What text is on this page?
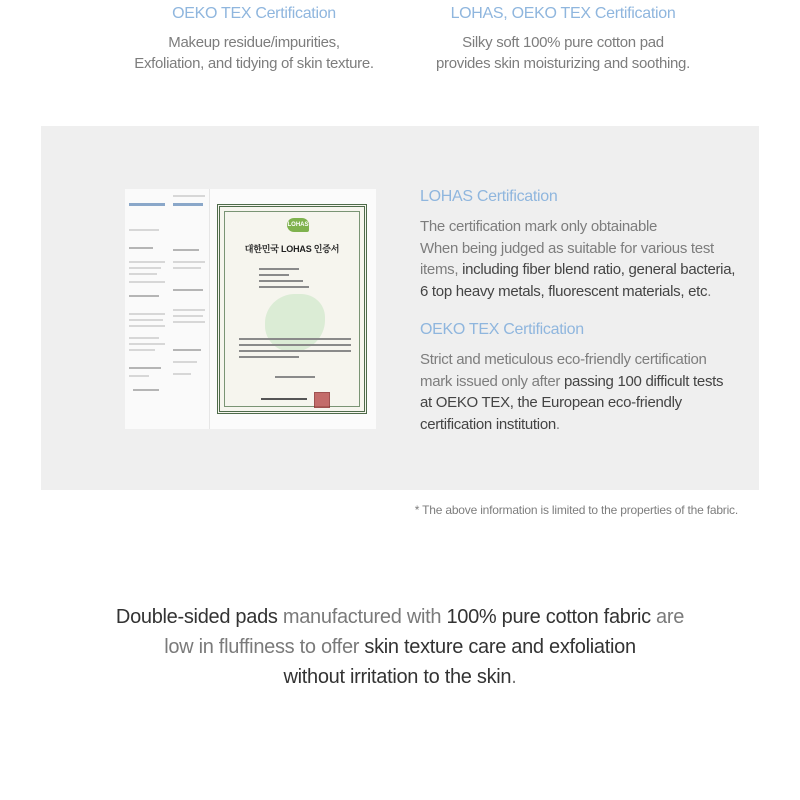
OEKO TEX Certification
Makeup residue/impurities,
Exfoliation, and tidying of skin texture.
LOHAS, OEKO TEX Certification
Silky soft 100% pure cotton pad
provides skin moisturizing and soothing.
LOHAS
대한민국 LOHAS 인증서
LOHAS Certification
The certification mark only obtainable
When being judged as suitable for various test
items, including fiber blend ratio, general bacteria,
6 top heavy metals, fluorescent materials, etc.
OEKO TEX Certification
Strict and meticulous eco-friendly certification
mark issued only after passing 100 difficult tests
at OEKO TEX, the European eco-friendly
certification institution.
* The above information is limited to the properties of the fabric.
Double-sided pads manufactured with 100% pure cotton fabric are
low in fluffiness to offer skin texture care and exfoliation
without irritation to the skin.
